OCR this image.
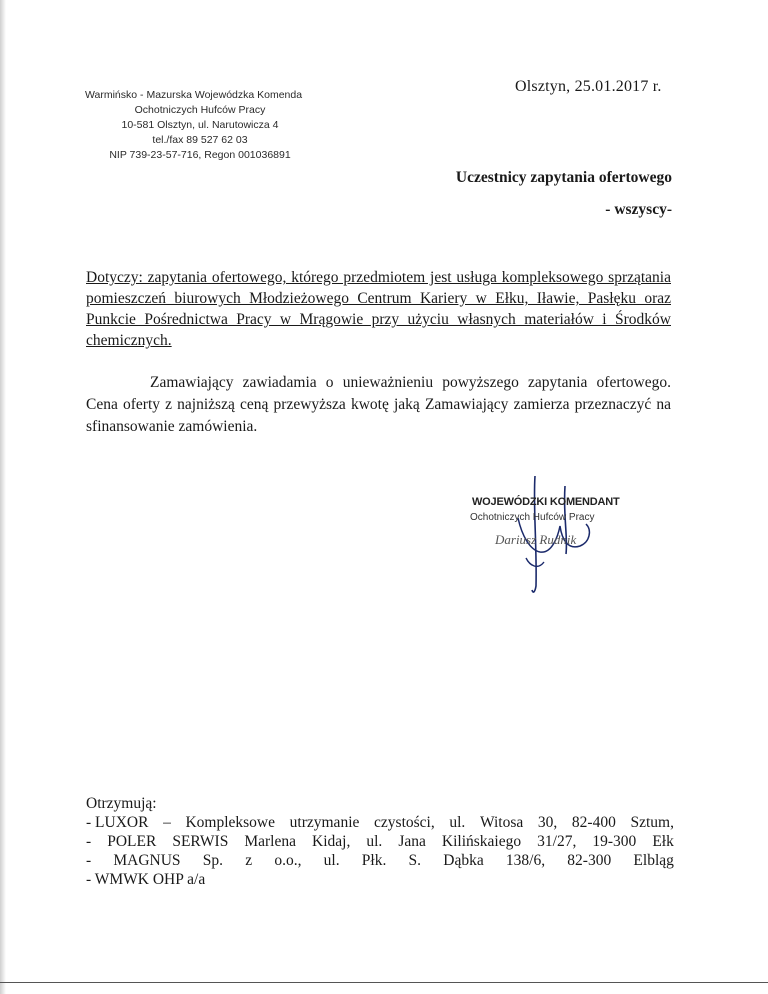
Warmińsko - Mazurska Wojewódzka Komenda
Ochotniczych Hufców Pracy
10-581 Olsztyn, ul. Narutowicza 4
tel./fax 89 527 62 03
NIP 739-23-57-716, Regon 001036891
Olsztyn, 25.01.2017 r.
Uczestnicy zapytania ofertowego
- wszyscy-
Dotyczy: zapytania ofertowego, którego przedmiotem jest usługa kompleksowego sprzątania
pomieszczeń biurowych Młodzieżowego Centrum Kariery w Ełku, Iławie, Pasłęku oraz
Punkcie Pośrednictwa Pracy w Mrągowie przy użyciu własnych materiałów i Środków
chemicznych.
Zamawiający zawiadamia o unieważnieniu powyższego zapytania ofertowego. Cena oferty z najniższą ceną przewyższa kwotę jaką Zamawiający zamierza przeznaczyć na sfinansowanie zamówienia.
WOJEWÓDZKI KOMENDANT
Ochotniczych Hufców Pracy
Dariusz Rudnik
Otrzymują:
- LUXOR – Kompleksowe utrzymanie czystości, ul. Witosa 30, 82-400 Sztum,
- POLER SERWIS Marlena Kidaj, ul. Jana Kilińskaiego 31/27, 19-300 Ełk
- MAGNUS Sp. z o.o., ul. Płk. S. Dąbka 138/6, 82-300 Elbląg
- WMWK OHP a/a
